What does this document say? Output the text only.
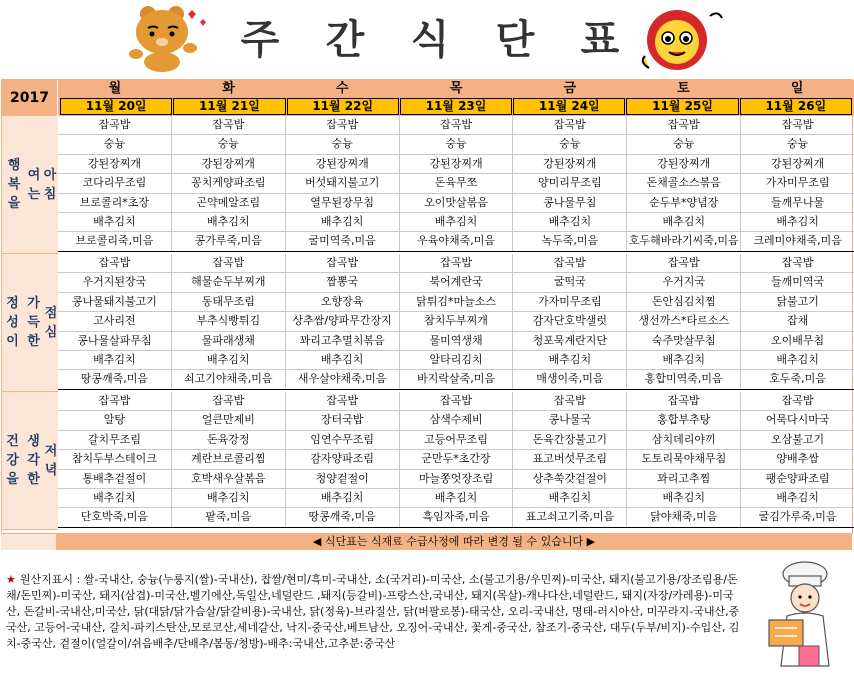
주 간 식 단 표
2017
월	화	수	목	금	토	일
11월 20일	11월 21일	11월 22일	11월 23일	11월 24일	11월 25일	11월 26일
행복을

여는

아침
잡곡밥	잡곡밥	잡곡밥	잡곡밥	잡곡밥	잡곡밥	잡곡밥
숭늉	숭늉	숭늉	숭늉	숭늉	숭늉	숭늉
강된장찌개	강된장찌개	강된장찌개	강된장찌개	강된장찌개	강된장찌개	강된장찌개
코다리무조림	꽁치케양파조림	버섯돼지불고기	돈육무쪼	양미리무조림	돈채골소스볶음	가자미무조림
브로콜리*초장	곤약메알조림	열무된장무침	오이맛살볶음	콩나물무침	순두부*양념장	들깨무나물
배추김치	배추김치	배추김치	배추김치	배추김치	배추김치	배추김치
브로콜리죽,미음	콩가루죽,미음	굴미역죽,미음	우육야채죽,미음	녹두죽,미음	호두해바라기씨죽,미음	크레미야채죽,미음
정성이

가득한

점심
잡곡밥	잡곡밥	잡곡밥	잡곡밥	잡곡밥	잡곡밥	잡곡밥
우거지된장국	해물순두부찌개	짬뽕국	북어계란국	굴떡국	우거지국	들깨미역국
콩나물돼지불고기	동태무조림	오향장육	닭튀김*마늘소스	가자미무조림	돈안심김치찜	닭불고기
고사리전	부추식빵튀김	상추쌈/양파무간장지	참치두부찌개	감자단호박샐럿	생선까스*타르소스	잡채
콩나물살파무침	물파래생채	꽈리고추멸치볶음	물미역생채	청포묵계란지단	숙주맛살무침	오이배무침
배추김치	배추김치	배추김치	알타리김치	배추김치	배추김치	배추김치
땅콩깨죽,미음	쇠고기야채죽,미음	새우살야채죽,미음	바지락살죽,미음	매생이죽,미음	홍합미역죽,미음	호두죽,미음
건강을

생각한

저녁
잡곡밥	잡곡밥	잡곡밥	잡곡밥	잡곡밥	잡곡밥	잡곡밥
알탕	얼큰만제비	장터국밥	삼색수제비	콩나물국	홍합부추탕	어묵다시마국
갈치무조림	돈육강정	임연수무조림	고등어무조림	돈육간장불고기	삼치데리야끼	오삼불고기
참치두부스테이크	계란브로콜리찜	감자양파조림	군만두*초간장	표고버섯무조림	도토리묵야채무침	양배추쌈
통배추겉절이	호박새우살볶음	청양겉절이	마늘쫑엇장조림	상추쑥갓겉절이	꽈리고추찜	팽순양파조림
배추김치	배추김치	배추김치	배추김치	배추김치	배추김치	배추김치
단호박죽,미음	팥죽,미음	땅콩깨죽,미음	흑임자죽,미음	표고쇠고기죽,미음	닭야채죽,미음	굴김가루죽,미음
◀ 식단표는 식재료 수급사정에 따라 변경 될 수 있습니다 ▶
★ 원산지표시 : 쌀-국내산, 숭늉(누룽지(쌀)-국내산), 찹쌀/현미/흑미-국내산, 소(국거리)-미국산, 소(불고기용/우민찌)-미국산, 돼지(불고기용/장조림용/돈채/돈민찌)-미국산, 돼지(삼겹)-미국산,벨기에산,독일산,네덜란드 ,돼지(등갈비)-프랑스산,국내산, 돼지(목살)-캐나다산,네덜란드, 돼지(자장/카레용)-미국산, 돈갈비-국내산,미국산, 닭(대닭/닭가슴살/닭갈비용)-국내산, 닭(정육)-브라질산, 닭(버팔로봉)-태국산, 오리-국내산, 명태-러시아산, 미꾸라지-국내산,중국산, 고등어-국내산, 갈치-파키스탄산,모로코산,세네갈산, 낙지-중국산,베트남산, 오징어-국내산, 꽃게-중국산, 참조기-중국산, 대두(두부/비지)-수입산, 김치-중국산, 겉절이(얼갈이/쉬음배추/단배추/봄동/청방)-배추:국내산,고추분:중국산
